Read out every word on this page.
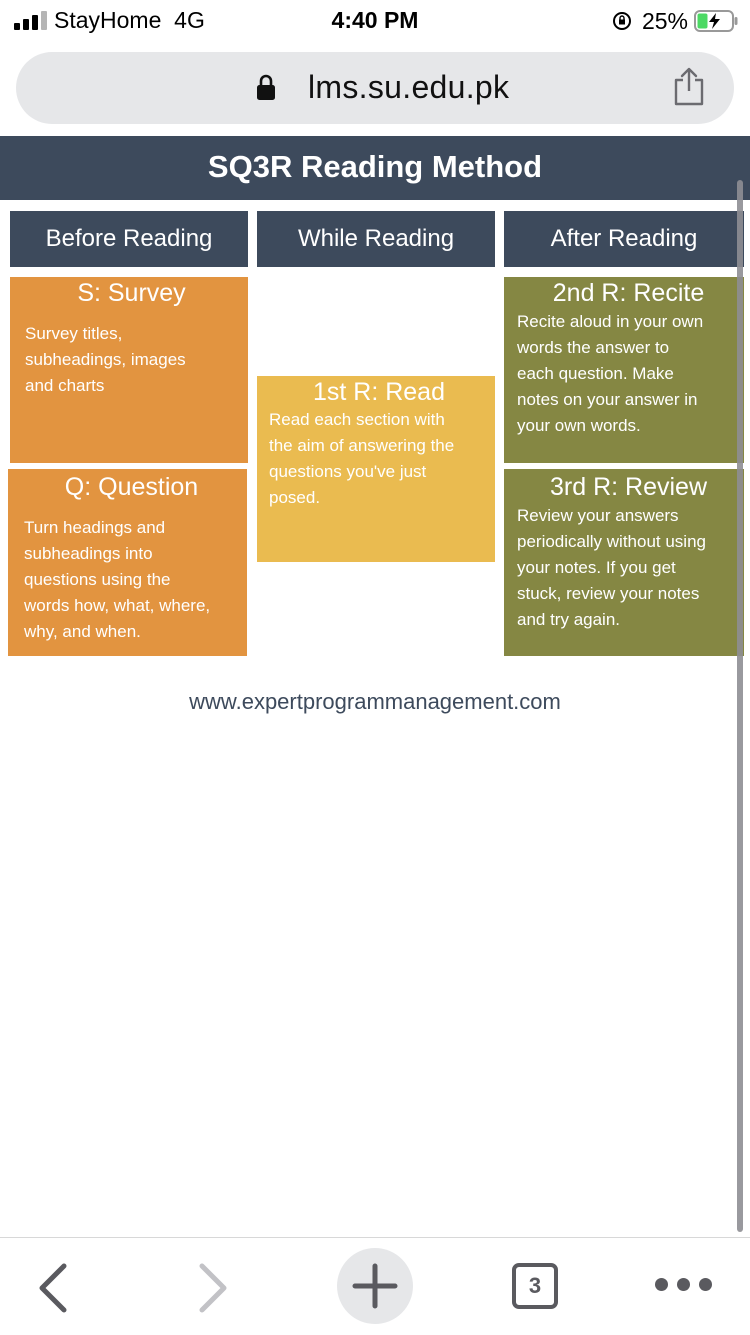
StayHome 4G	4:40 PM	25%
lms.su.edu.pk
SQ3R Reading Method
Before Reading	While Reading	After Reading
S: Survey

Survey titles,
subheadings, images
and charts

Q: Question

Turn headings and
subheadings into
questions using the
words how, what, where,
why, and when.

1st R: Read

Read each section with
the aim of answering the
questions you've just
posed.

2nd R: Recite

Recite aloud in your own
words the answer to
each question. Make
notes on your answer in
your own words.

3rd R: Review

Review your answers
periodically without using
your notes. If you get
stuck, review your notes
and try again.

www.expertprogrammanagement.com
3
